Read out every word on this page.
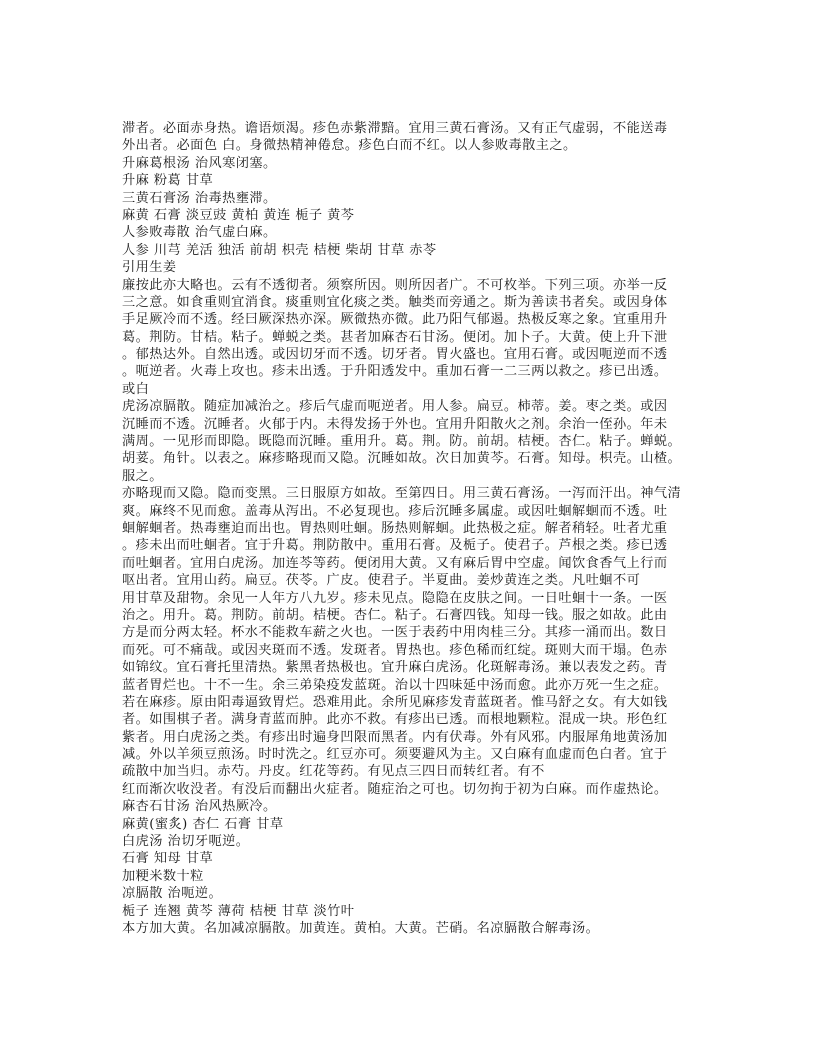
滞者。必面赤身热。谵语烦渴。疹色赤紫滞黯。宜用三黄石膏汤。又有正气虚弱，不能送毒
外出者。必面色 白。身微热精神倦怠。疹色白而不红。以人参败毒散主之。
升麻葛根汤 治风寒闭塞。
升麻 粉葛 甘草
三黄石膏汤 治毒热壅滞。
麻黄 石膏 淡豆豉 黄柏 黄连 栀子 黄芩
人参败毒散 治气虚白麻。
人参 川芎 羌活 独活 前胡 枳壳 桔梗 柴胡 甘草 赤苓
引用生姜
廉按此亦大略也。云有不透彻者。须察所因。则所因者广。不可枚举。下列三项。亦举一反
三之意。如食重则宜消食。痰重则宜化痰之类。触类而旁通之。斯为善读书者矣。或因身体
手足厥冷而不透。经曰厥深热亦深。厥微热亦微。此乃阳气郁遏。热极反寒之象。宜重用升
葛。荆防。甘桔。粘子。蝉蜕之类。甚者加麻杏石甘汤。便闭。加卜子。大黄。使上升下泄
。郁热达外。自然出透。或因切牙而不透。切牙者。胃火盛也。宜用石膏。或因呃逆而不透
。呃逆者。火毒上攻也。疹未出透。于升阳透发中。重加石膏一二三两以救之。疹已出透。
或白
虎汤凉膈散。随症加减治之。疹后气虚而呃逆者。用人参。扁豆。柿蒂。姜。枣之类。或因
沉睡而不透。沉睡者。火郁于内。未得发扬于外也。宜用升阳散火之剂。余治一侄孙。年未
满周。一见形而即隐。既隐而沉睡。重用升。葛。荆。防。前胡。桔梗。杏仁。粘子。蝉蜕。
胡荽。角针。以表之。麻疹略现而又隐。沉睡如故。次日加黄芩。石膏。知母。枳壳。山楂。
服之。
亦略现而又隐。隐而变黑。三日服原方如故。至第四日。用三黄石膏汤。一泻而汗出。神气清
爽。麻终不见而愈。盖毒从泻出。不必复现也。疹后沉睡多属虚。或因吐蛔解蛔而不透。吐
蛔解蛔者。热毒壅迫而出也。胃热则吐蛔。肠热则解蛔。此热极之症。解者稍轻。吐者尤重
。疹未出而吐蛔者。宜于升葛。荆防散中。重用石膏。及栀子。使君子。芦根之类。疹已透
而吐蛔者。宜用白虎汤。加连芩等药。便闭用大黄。又有麻后胃中空虚。闻饮食香气上行而
呕出者。宜用山药。扁豆。茯苓。广皮。使君子。半夏曲。姜炒黄连之类。凡吐蛔不可
用甘草及甜物。余见一人年方八九岁。疹未见点。隐隐在皮肤之间。一日吐蛔十一条。一医
治之。用升。葛。荆防。前胡。桔梗。杏仁。粘子。石膏四钱。知母一钱。服之如故。此由
方是而分两太轻。杯水不能救车薪之火也。一医于表药中用肉桂三分。其疹一涌而出。数日
而死。可不痛哉。或因夹斑而不透。发斑者。胃热也。疹色稀而红绽。斑则大而干塌。色赤
如锦纹。宜石膏托里清热。紫黑者热极也。宜升麻白虎汤。化斑解毒汤。兼以表发之药。青
蓝者胃烂也。十不一生。余三弟染疫发蓝斑。治以十四味延中汤而愈。此亦万死一生之症。
若在麻疹。原由阳毒逼致胃烂。恐难用此。余所见麻疹发青蓝斑者。惟马舒之女。有大如钱
者。如围棋子者。满身青蓝而肿。此亦不救。有疹出已透。而根地颗粒。混成一块。形色红
紫者。用白虎汤之类。有疹出时遍身凹限而黑者。内有伏毒。外有风邪。内服犀角地黄汤加
减。外以羊须豆煎汤。时时洗之。红豆亦可。须要避风为主。又白麻有血虚而色白者。宜于
疏散中加当归。赤芍。丹皮。红花等药。有见点三四日而转红者。有不
红而渐次收没者。有没后而翻出火症者。随症治之可也。切勿拘于初为白麻。而作虚热论。
麻杏石甘汤 治风热厥冷。
麻黄(蜜炙) 杏仁 石膏 甘草
白虎汤 治切牙呃逆。
石膏 知母 甘草
加粳米数十粒
凉膈散 治呃逆。
栀子 连翘 黄芩 薄荷 桔梗 甘草 淡竹叶
本方加大黄。名加减凉膈散。加黄连。黄柏。大黄。芒硝。名凉膈散合解毒汤。
